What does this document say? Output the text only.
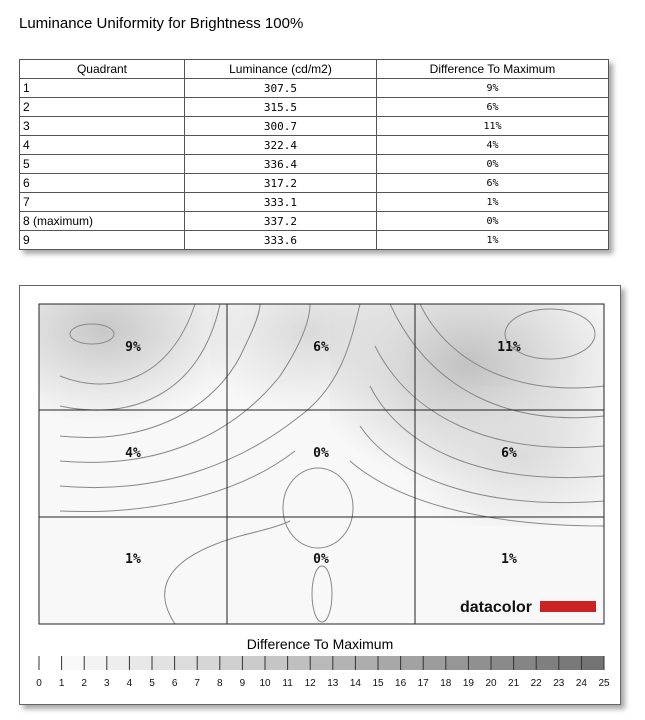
Luminance Uniformity for Brightness 100%
Quadrant	Luminance (cd/m2)	Difference To Maximum
1	307.5	9%
2	315.5	6%
3	300.7	11%
4	322.4	4%
5	336.4	0%
6	317.2	6%
7	333.1	1%
8 (maximum)	337.2	0%
9	333.6	1%
9%	6%	11%
4%	0%	6%
1%	0%	1%
datacolor
Difference To Maximum
0 1 2 3 4 5 6 7 8 9 10 11 12 13 14 15 16 17 18 19 20 21 22 23 24 25
